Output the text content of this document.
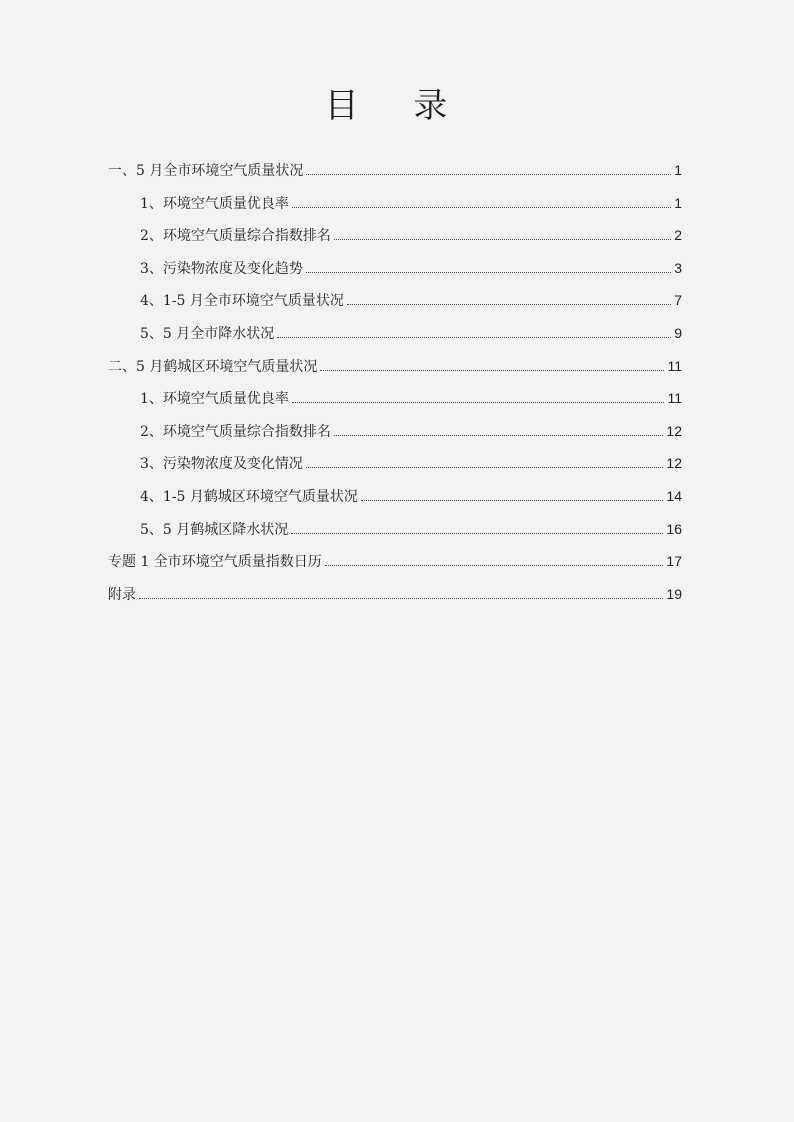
目 录
一、5 月全市环境空气质量状况	1
1、环境空气质量优良率	1
2、环境空气质量综合指数排名	2
3、污染物浓度及变化趋势	3
4、1-5 月全市环境空气质量状况	7
5、5 月全市降水状况	9
二、5 月鹤城区环境空气质量状况	11
1、环境空气质量优良率	11
2、环境空气质量综合指数排名	12
3、污染物浓度及变化情况	12
4、1-5 月鹤城区环境空气质量状况	14
5、5 月鹤城区降水状况	16
专题 1 全市环境空气质量指数日历	17
附录	19
